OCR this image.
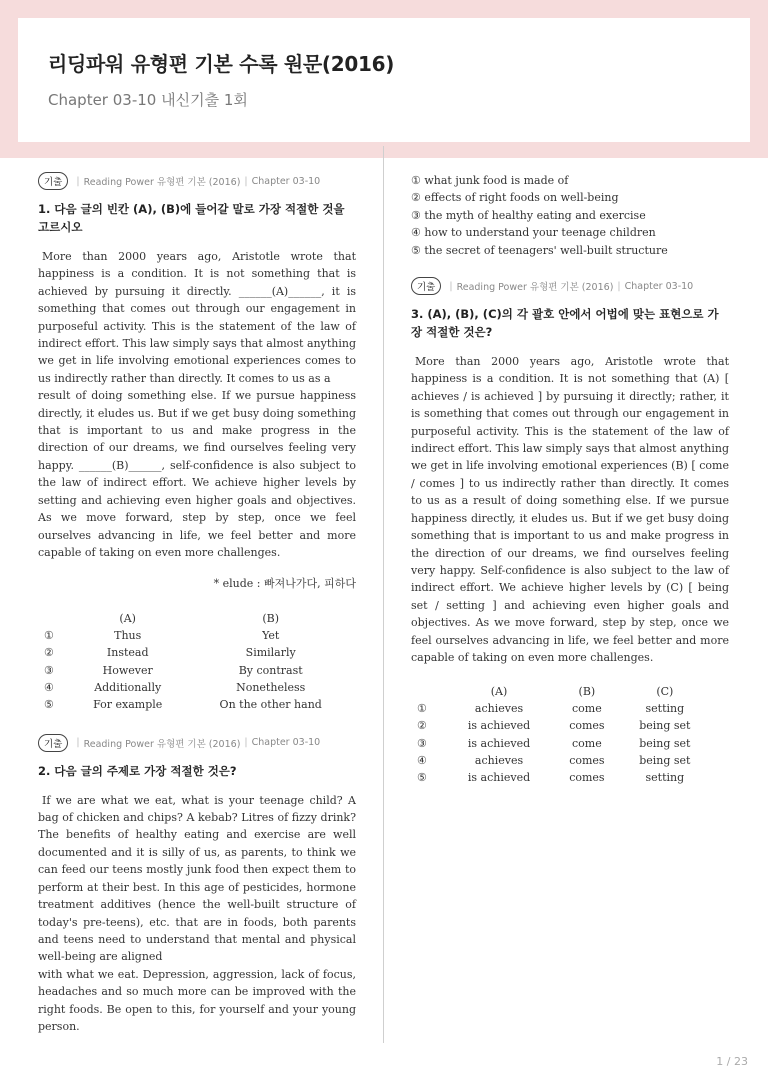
리딩파워 유형편 기본 수록 원문(2016)
Chapter 03-10 내신기출 1회
기출	| Reading Power 유형편 기본 (2016) | Chapter 03-10
1. 다음 글의 빈칸 (A), (B)에 들어갈 말로 가장 적절한 것을 고르시오

More than 2000 years ago, Aristotle wrote that happiness is a condition. It is not something that is achieved by pursuing it directly. ______(A)______, it is something that comes out through our engagement in purposeful activity. This is the statement of the law of indirect effort. This law simply says that almost anything we get in life involving emotional experiences comes to us indirectly rather than directly. It comes to us as a

result of doing something else. If we pursue happiness directly, it eludes us. But if we get busy doing something that is important to us and make progress in the direction of our dreams, we find ourselves feeling very happy. ______(B)______, self-confidence is also subject to the law of indirect effort. We achieve higher levels by setting and achieving even higher goals and objectives. As we move forward, step by step, once we feel ourselves advancing in life, we feel better and more capable of taking on even more challenges.

* elude : 빠져나가다, 피하다
	(A)	(B)
①	Thus	Yet
②	Instead	Similarly
③	However	By contrast
④	Additionally	Nonetheless
⑤	For example	On the other hand
기출	| Reading Power 유형편 기본 (2016) | Chapter 03-10
2. 다음 글의 주제로 가장 적절한 것은?

If we are what we eat, what is your teenage child? A bag of chicken and chips? A kebab? Litres of fizzy drink? The benefits of healthy eating and exercise are well documented and it is silly of us, as parents, to think we can feed our teens mostly junk food then expect them to perform at their best. In this age of pesticides, hormone treatment additives (hence the well-built structure of today's pre-teens), etc. that are in foods, both parents and teens need to understand that mental and physical well-being are aligned

with what we eat. Depression, aggression, lack of focus, headaches and so much more can be improved with the right foods. Be open to this, for yourself and your young person.

① what junk food is made of
② effects of right foods on well-being
③ the myth of healthy eating and exercise
④ how to understand your teenage children
⑤ the secret of teenagers' well-built structure
기출	| Reading Power 유형편 기본 (2016) | Chapter 03-10
3. (A), (B), (C)의 각 괄호 안에서 어법에 맞는 표현으로 가장 적절한 것은?

More than 2000 years ago, Aristotle wrote that happiness is a condition. It is not something that (A) [ achieves / is achieved ] by pursuing it directly; rather, it is something that comes out through our engagement in purposeful activity. This is the statement of the law of indirect effort. This law simply says that almost anything we get in life involving emotional experiences (B) [ come / comes ] to us indirectly rather than directly. It comes to us as a result of doing something else. If we pursue happiness directly, it eludes us. But if we get busy doing something that is important to us and make progress in the direction of our dreams, we find ourselves feeling very happy. Self-confidence is also subject to the law of indirect effort. We achieve higher levels by (C) [ being set / setting ] and achieving even higher goals and objectives. As we move forward, step by step, once we feel ourselves advancing in life, we feel better and more capable of taking on even more challenges.

	(A)	(B)	(C)
①	achieves	come	setting
②	is achieved	comes	being set
③	is achieved	come	being set
④	achieves	comes	being set
⑤	is achieved	comes	setting
1 / 23
